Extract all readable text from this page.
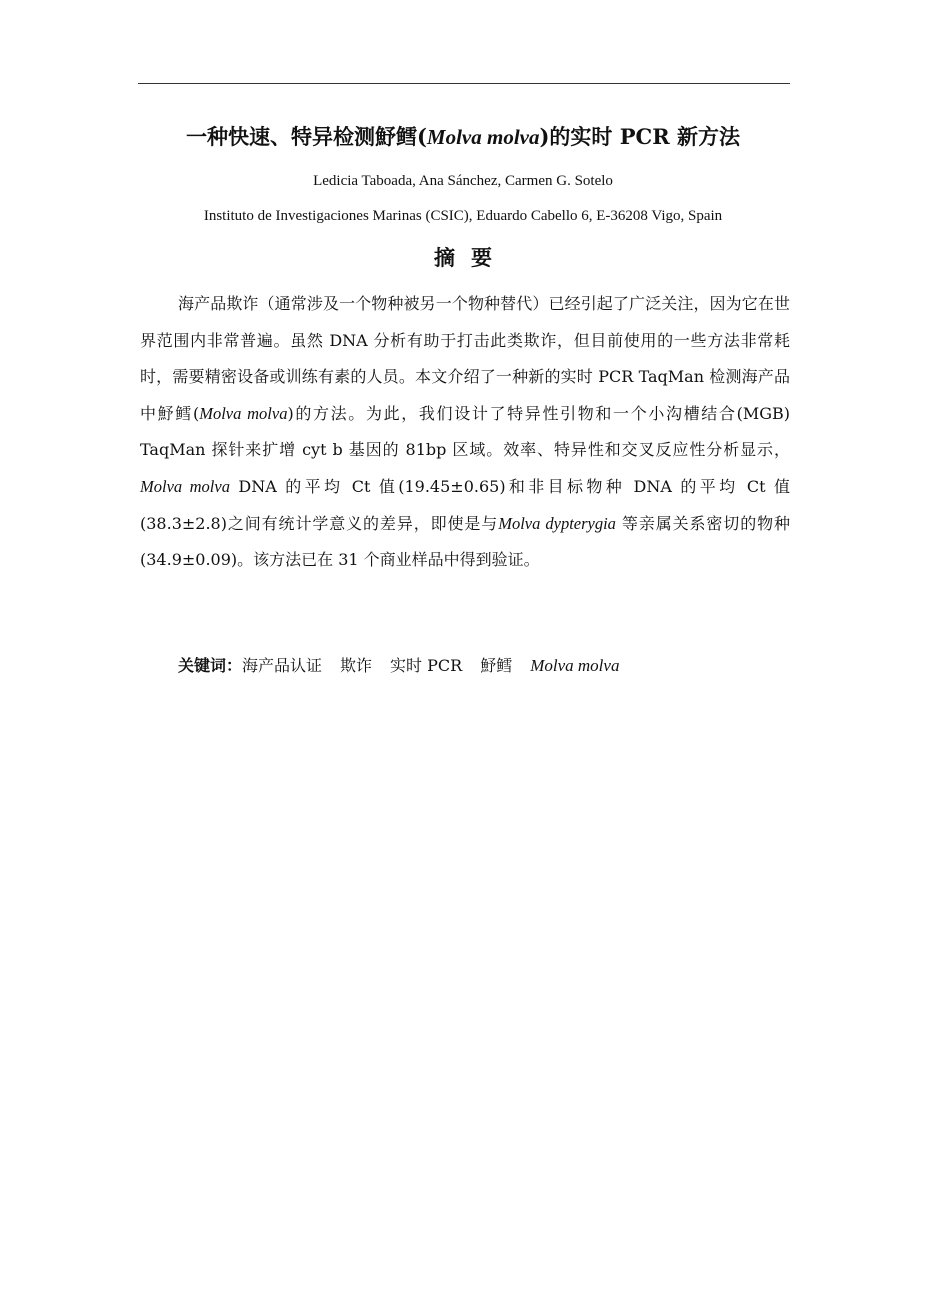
一种快速、特异检测魣鳕(Molva molva)的实时 PCR 新方法
Ledicia Taboada, Ana Sánchez, Carmen G. Sotelo
Instituto de Investigaciones Marinas (CSIC), Eduardo Cabello 6, E-36208 Vigo, Spain
摘要
海产品欺诈（通常涉及一个物种被另一个物种替代）已经引起了广泛关注，因为它在世界范围内非常普遍。虽然 DNA 分析有助于打击此类欺诈，但目前使用的一些方法非常耗时，需要精密设备或训练有素的人员。本文介绍了一种新的实时 PCR TaqMan 检测海产品中魣鳕(Molva molva)的方法。为此，我们设计了特异性引物和一个小沟槽结合(MGB) TaqMan 探针来扩增 cyt b 基因的 81bp 区域。效率、特异性和交叉反应性分析显示，Molva molva DNA 的平均 Ct 值(19.45±0.65)和非目标物种 DNA 的平均 Ct 值(38.3±2.8)之间有统计学意义的差异，即使是与Molva dypterygia 等亲属关系密切的物种(34.9±0.09)。该方法已在 31 个商业样品中得到验证。
关键词：海产品认证 欺诈 实时 PCR 魣鳕 Molva molva
